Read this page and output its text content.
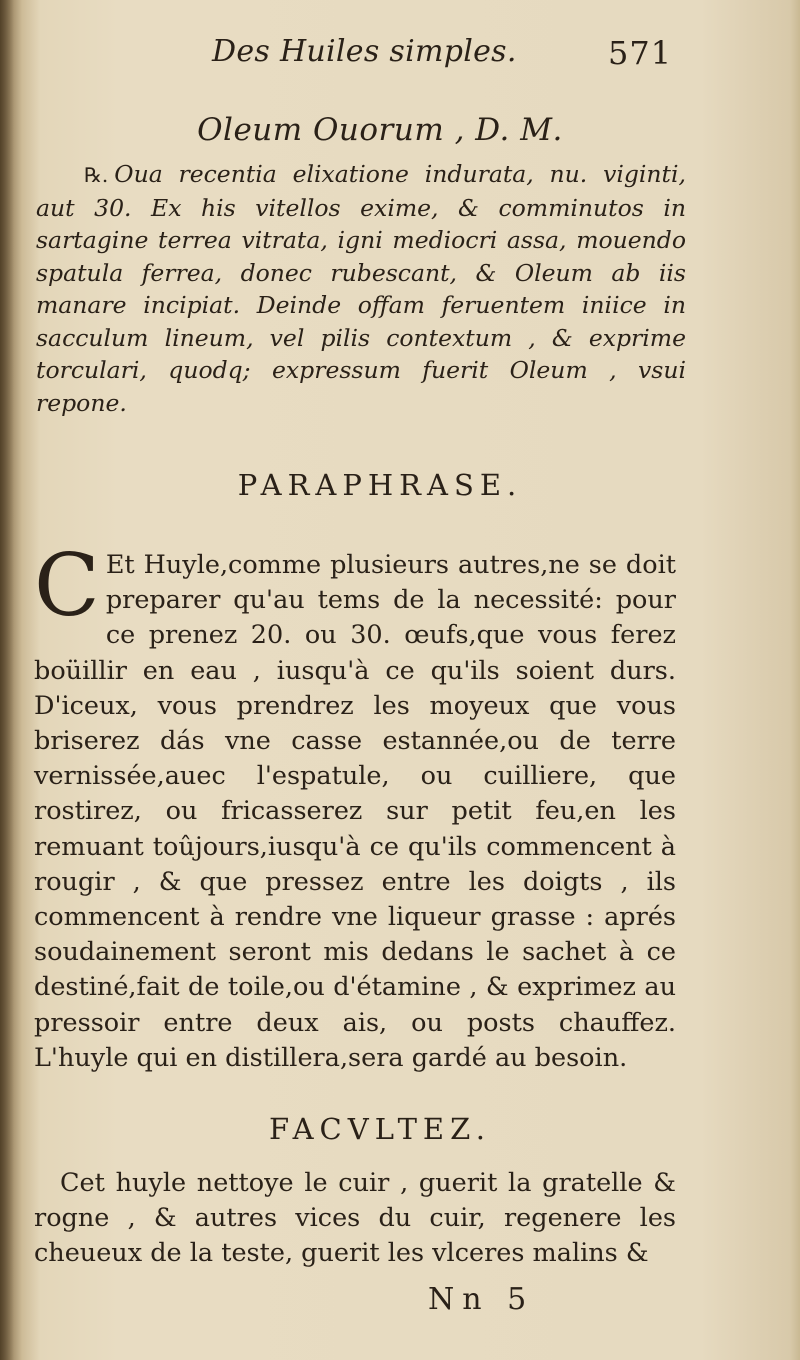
Des Huiles simples.	571
Oleum Ouorum , D. M.

℞. Oua recentia elixatione indurata, nu. viginti, aut 30. Ex his vitellos exime, & comminutos in sartagine terrea vitrata, igni mediocri assa, mouendo spatula ferrea, donec rubescant, & Oleum ab iis manare incipiat. Deinde offam feruentem iniice in sacculum lineum, vel pilis contextum , & exprime torculari, quodq; expressum fuerit Oleum , vsui repone.

PARAPHRASE.

C Et Huyle,comme plusieurs autres,ne se doit preparer qu'au tems de la necessité: pour ce prenez 20. ou 30. œufs,que vous ferez boüillir en eau , iusqu'à ce qu'ils soient durs. D'iceux, vous prendrez les moyeux que vous briserez dás vne casse estannée,ou de terre vernissée,auec l'espatule, ou cuilliere, que rostirez, ou fricasserez sur petit feu,en les remuant toûjours,iusqu'à ce qu'ils commencent à rougir , & que pressez entre les doigts , ils commencent à rendre vne liqueur grasse : aprés soudainement seront mis dedans le sachet à ce destiné,fait de toile,ou d'étamine , & exprimez au pressoir entre deux ais, ou posts chauffez. L'huyle qui en distillera,sera gardé au besoin.

FACVLTEZ.

Cet huyle nettoye le cuir , guerit la gratelle & rogne , & autres vices du cuir, regenere les cheueux de la teste, guerit les vlceres malins &

Nn 5
